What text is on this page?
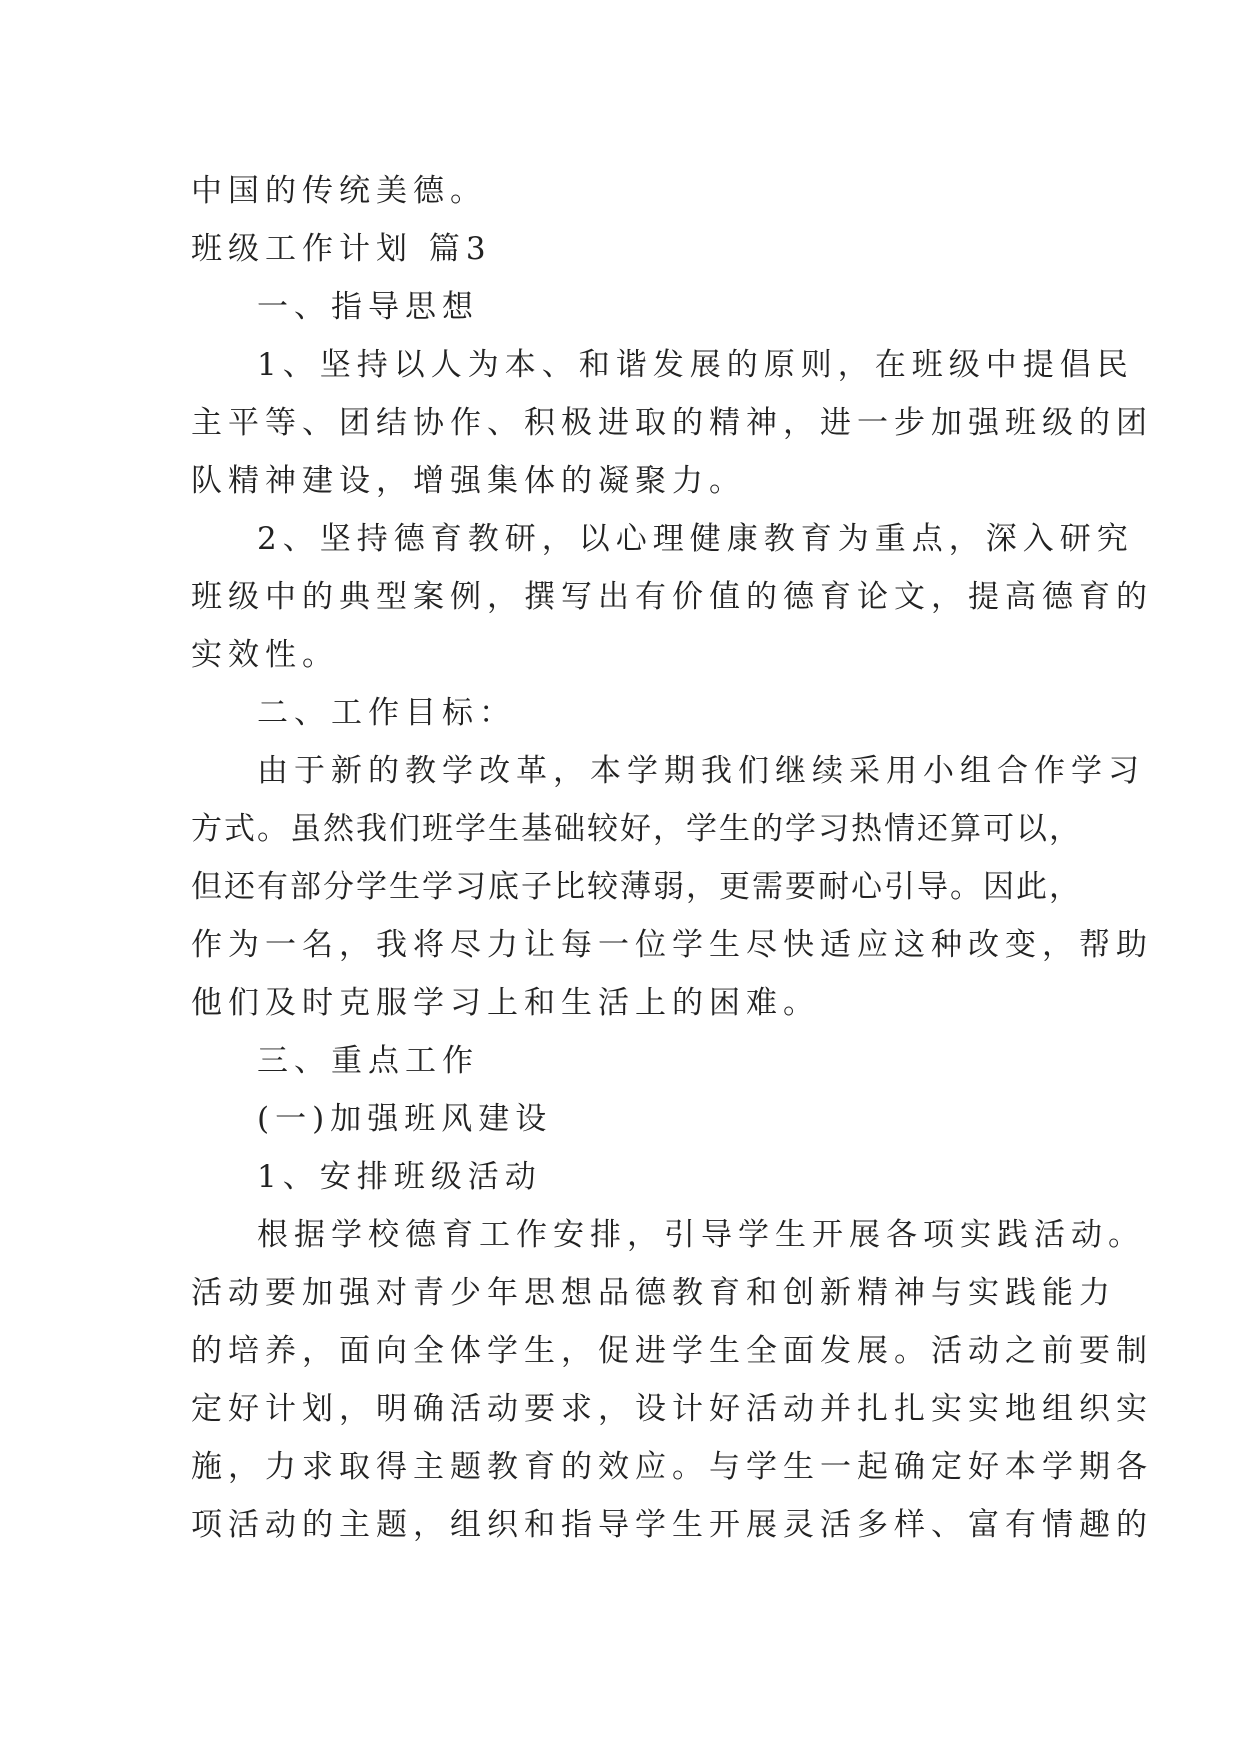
中国的传统美德。
班级工作计划 篇3
一、指导思想
1、坚持以人为本、和谐发展的原则，在班级中提倡民
主平等、团结协作、积极进取的精神，进一步加强班级的团
队精神建设，增强集体的凝聚力。
2、坚持德育教研，以心理健康教育为重点，深入研究
班级中的典型案例，撰写出有价值的德育论文，提高德育的
实效性。
二、工作目标：
由于新的教学改革，本学期我们继续采用小组合作学习
方式。虽然我们班学生基础较好，学生的学习热情还算可以，
但还有部分学生学习底子比较薄弱，更需要耐心引导。因此，
作为一名，我将尽力让每一位学生尽快适应这种改变，帮助
他们及时克服学习上和生活上的困难。
三、重点工作
(一)加强班风建设
1、安排班级活动
根据学校德育工作安排，引导学生开展各项实践活动。
活动要加强对青少年思想品德教育和创新精神与实践能力
的培养，面向全体学生，促进学生全面发展。活动之前要制
定好计划，明确活动要求，设计好活动并扎扎实实地组织实
施，力求取得主题教育的效应。与学生一起确定好本学期各
项活动的主题，组织和指导学生开展灵活多样、富有情趣的
